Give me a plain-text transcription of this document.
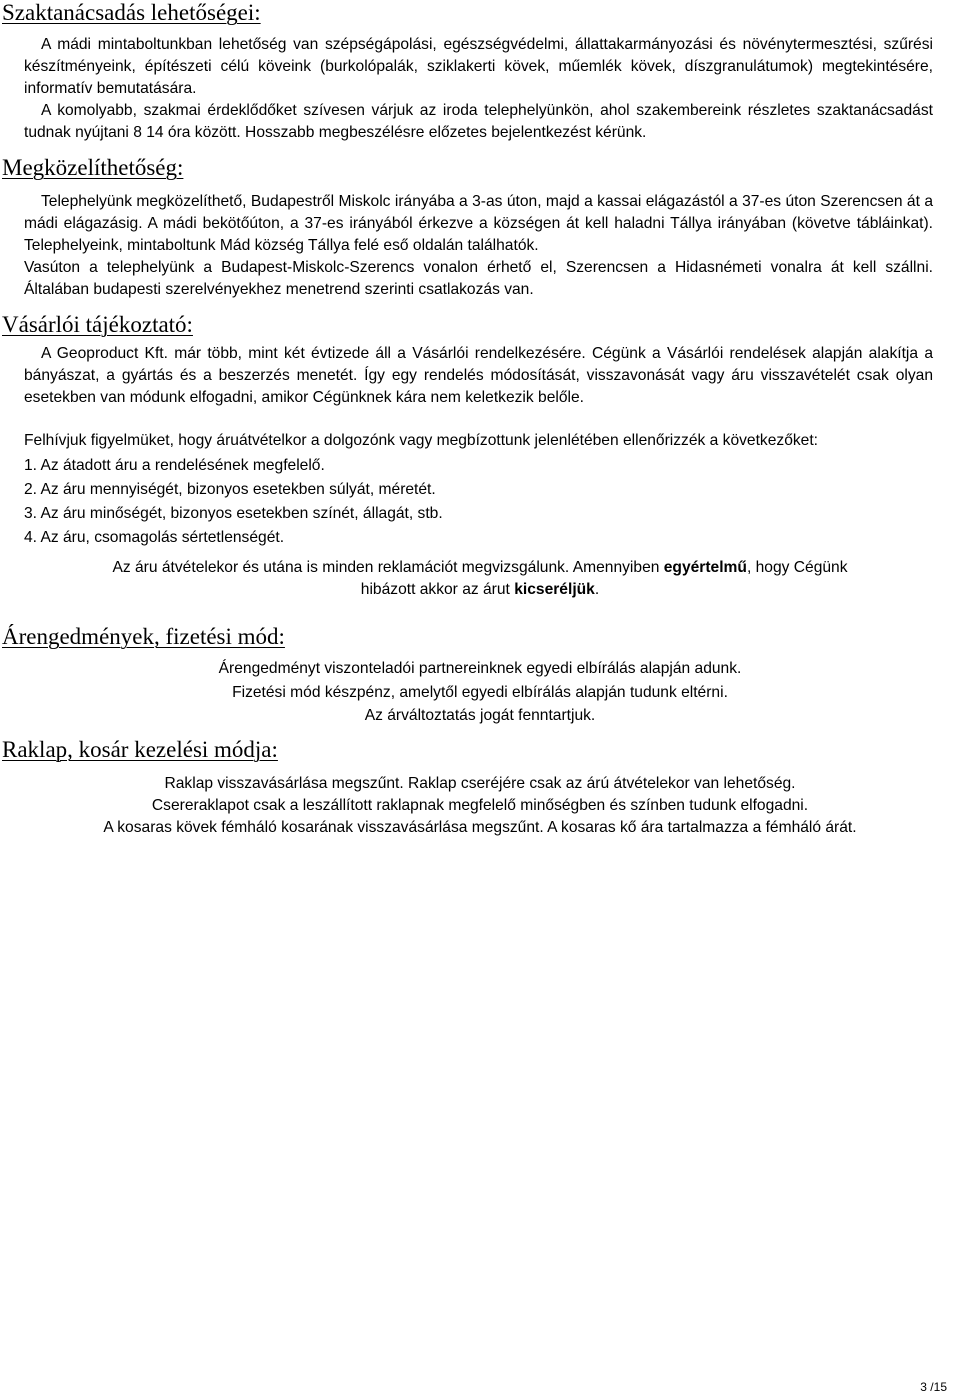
Szaktanácsadás lehetőségei:

A mádi mintaboltunkban lehetőség van szépségápolási, egészségvédelmi, állattakarmányozási és növénytermesztési, szűrési készítményeink, építészeti célú köveink (burkolópalák, sziklakerti kövek, műemlék kövek, díszgranulátumok) megtekintésére, informatív bemutatására.

A komolyabb, szakmai érdeklődőket szívesen várjuk az iroda telephelyünkön, ahol szakembereink részletes szaktanácsadást tudnak nyújtani 8 14 óra között. Hosszabb megbeszélésre előzetes bejelentkezést kérünk.

Megközelíthetőség:

Telephelyünk megközelíthető, Budapestről Miskolc irányába a 3-as úton, majd a kassai elágazástól a 37-es úton Szerencsen át a mádi elágazásig. A mádi bekötőúton, a 37-es irányából érkezve a községen át kell haladni Tállya irányában (követve tábláinkat). Telephelyeink, mintaboltunk Mád község Tállya felé eső oldalán találhatók.

Vasúton a telephelyünk a Budapest-Miskolc-Szerencs vonalon érhető el, Szerencsen a Hidasnémeti vonalra át kell szállni. Általában budapesti szerelvényekhez menetrend szerinti csatlakozás van.

Vásárlói tájékoztató:

A Geoproduct Kft. már több, mint két évtizede áll a Vásárlói rendelkezésére. Cégünk a Vásárlói rendelések alapján alakítja a bányászat, a gyártás és a beszerzés menetét. Így egy rendelés módosítását, visszavonását vagy áru visszavételét csak olyan esetekben van módunk elfogadni, amikor Cégünknek kára nem keletkezik belőle.

Felhívjuk figyelmüket, hogy áruátvételkor a dolgozónk vagy megbízottunk jelenlétében ellenőrizzék a következőket:

1. Az átadott áru a rendelésének megfelelő.

2. Az áru mennyiségét, bizonyos esetekben súlyát, méretét.

3. Az áru minőségét, bizonyos esetekben színét, állagát, stb.

4. Az áru, csomagolás sértetlenségét.

Az áru átvételekor és utána is minden reklamációt megvizsgálunk. Amennyiben egyértelmű, hogy Cégünk

hibázott akkor az árut kicseréljük.

Árengedmények, fizetési mód:

Árengedményt viszonteladói partnereinknek egyedi elbírálás alapján adunk.

Fizetési mód készpénz, amelytől egyedi elbírálás alapján tudunk eltérni.

Az árváltoztatás jogát fenntartjuk.

Raklap, kosár kezelési módja:

Raklap visszavásárlása megszűnt. Raklap cseréjére csak az árú átvételekor van lehetőség.

Csereraklapot csak a leszállított raklapnak megfelelő minőségben és színben tudunk elfogadni.

A kosaras kövek fémháló kosarának visszavásárlása megszűnt. A kosaras kő ára tartalmazza a fémháló árát.

3 /15
